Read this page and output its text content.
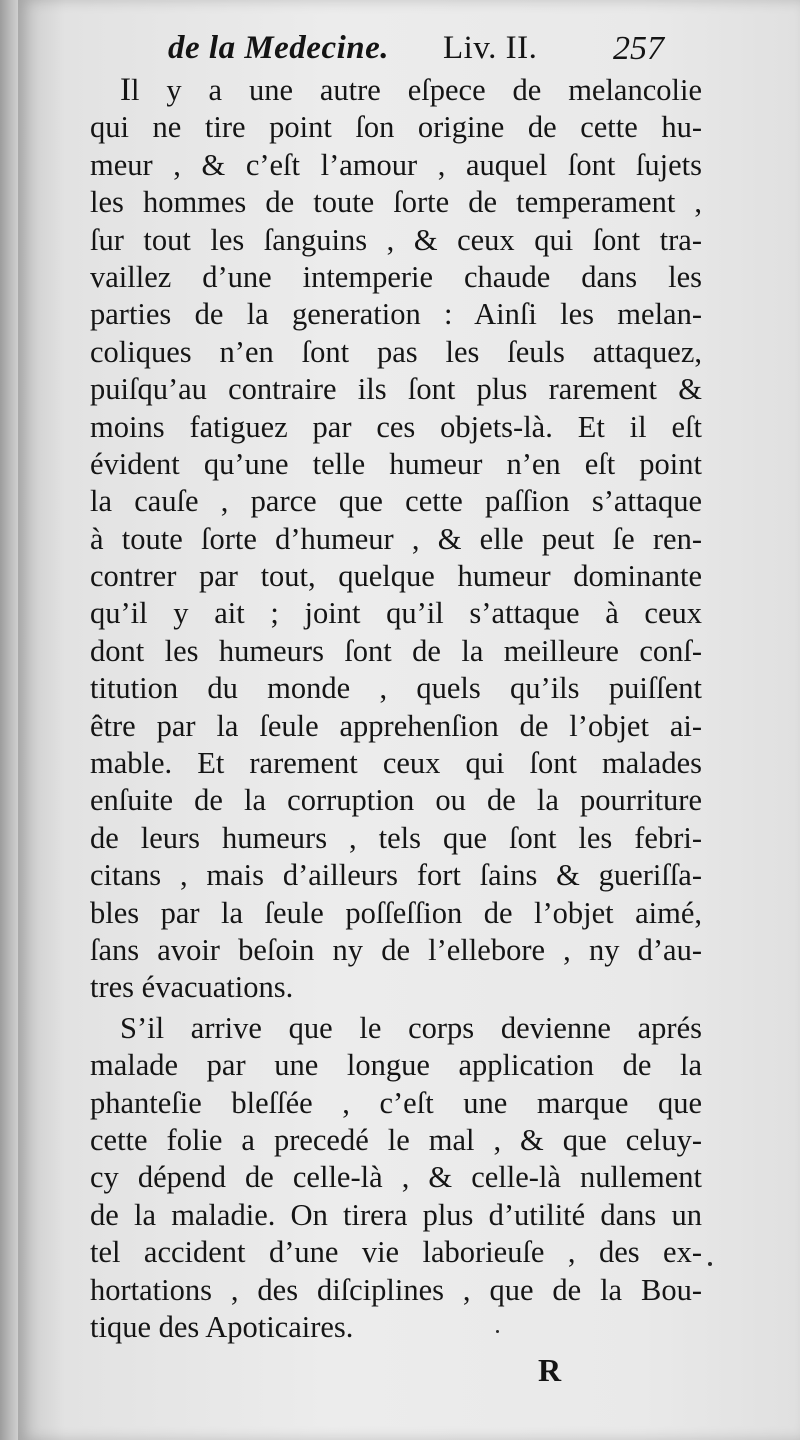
de la Medecine. Liv. II. 257
Il y a une autre eſpece de melancolie
qui ne tire point ſon origine de cette hu-
meur , & c’eſt l’amour , auquel ſont ſujets
les hommes de toute ſorte de temperament ,
ſur tout les ſanguins , & ceux qui ſont tra-
vaillez d’une intemperie chaude dans les
parties de la generation : Ainſi les melan-
coliques n’en ſont pas les ſeuls attaquez,
puiſqu’au contraire ils ſont plus rarement &
moins fatiguez par ces objets-là. Et il eſt
évident qu’une telle humeur n’en eſt point
la cauſe , parce que cette paſſion s’attaque
à toute ſorte d’humeur , & elle peut ſe ren-
contrer par tout, quelque humeur dominante
qu’il y ait ; joint qu’il s’attaque à ceux
dont les humeurs ſont de la meilleure conſ-
titution du monde , quels qu’ils puiſſent
être par la ſeule apprehenſion de l’objet ai-
mable. Et rarement ceux qui ſont malades
enſuite de la corruption ou de la pourriture
de leurs humeurs , tels que ſont les febri-
citans , mais d’ailleurs fort ſains & gueriſſa-
bles par la ſeule poſſeſſion de l’objet aimé,
ſans avoir beſoin ny de l’ellebore , ny d’au-
tres évacuations.
S’il arrive que le corps devienne aprés
malade par une longue application de la
phanteſie bleſſée , c’eſt une marque que
cette folie a precedé le mal , & que celuy-
cy dépend de celle-là , & celle-là nullement
de la maladie. On tirera plus d’utilité dans un
tel accident d’une vie laborieuſe , des ex-
hortations , des diſciplines , que de la Bou-
tique des Apoticaires.
R
